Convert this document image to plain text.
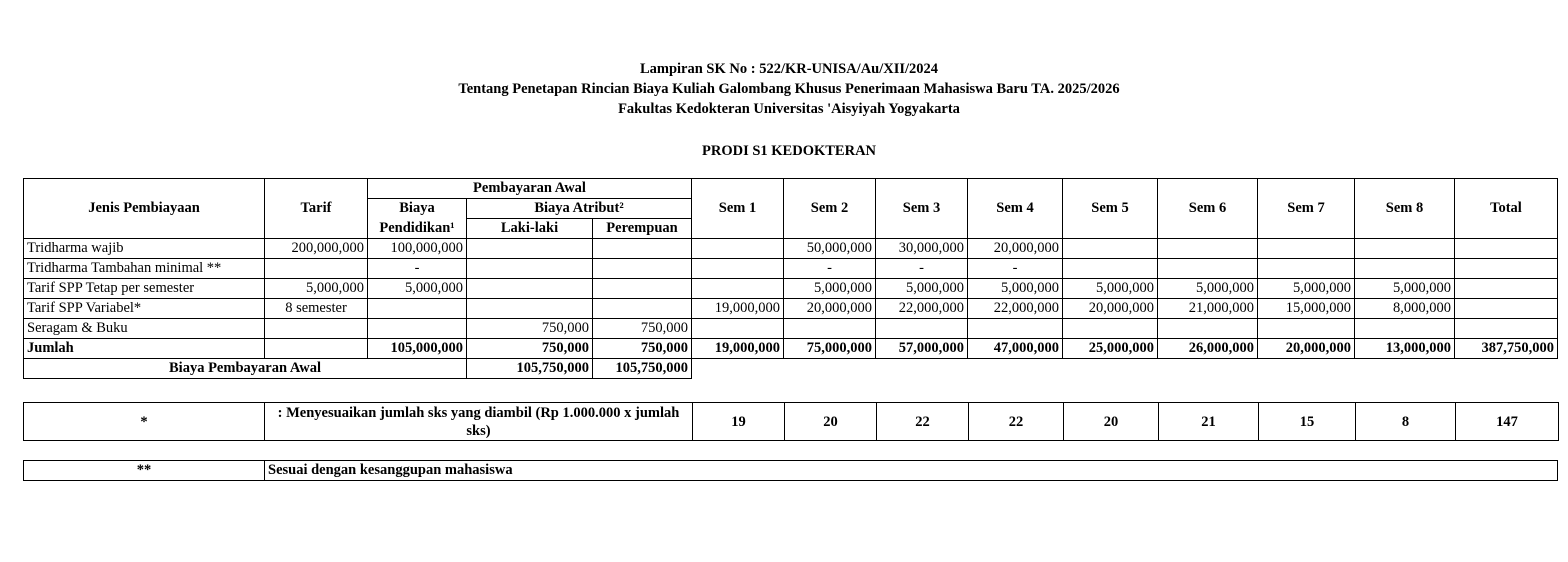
Lampiran SK No : 522/KR-UNISA/Au/XII/2024
Tentang Penetapan Rincian Biaya Kuliah Galombang Khusus Penerimaan Mahasiswa Baru TA. 2025/2026
Fakultas Kedokteran Universitas 'Aisyiyah Yogyakarta
PRODI S1 KEDOKTERAN
Jenis Pembiayaan	Tarif	Pembayaran Awal			Sem 1	Sem 2	Sem 3	Sem 4	Sem 5	Sem 6	Sem 7	Sem 8	Total
		Biaya	Biaya Atribut²										
		Pendidikan¹	Laki-laki	Perempuan									
Tridharma wajib	200,000,000	100,000,000				50,000,000	30,000,000	20,000,000					
Tridharma Tambahan minimal **		-				-	-	-					
Tarif SPP Tetap per semester	5,000,000	5,000,000				5,000,000	5,000,000	5,000,000	5,000,000	5,000,000	5,000,000	5,000,000	
Tarif SPP Variabel*	8 semester				19,000,000	20,000,000	22,000,000	22,000,000	20,000,000	21,000,000	15,000,000	8,000,000	
Seragam & Buku			750,000	750,000									
Jumlah		105,000,000	750,000	750,000	19,000,000	75,000,000	57,000,000	47,000,000	25,000,000	26,000,000	20,000,000	13,000,000	387,750,000
Biaya Pembayaran Awal			105,750,000	105,750,000									
*	: Menyesuaikan jumlah sks yang diambil (Rp 1.000.000 x jumlah sks)	19	20	22	22	20	21	15	8	147
**	Sesuai dengan kesanggupan mahasiswa
